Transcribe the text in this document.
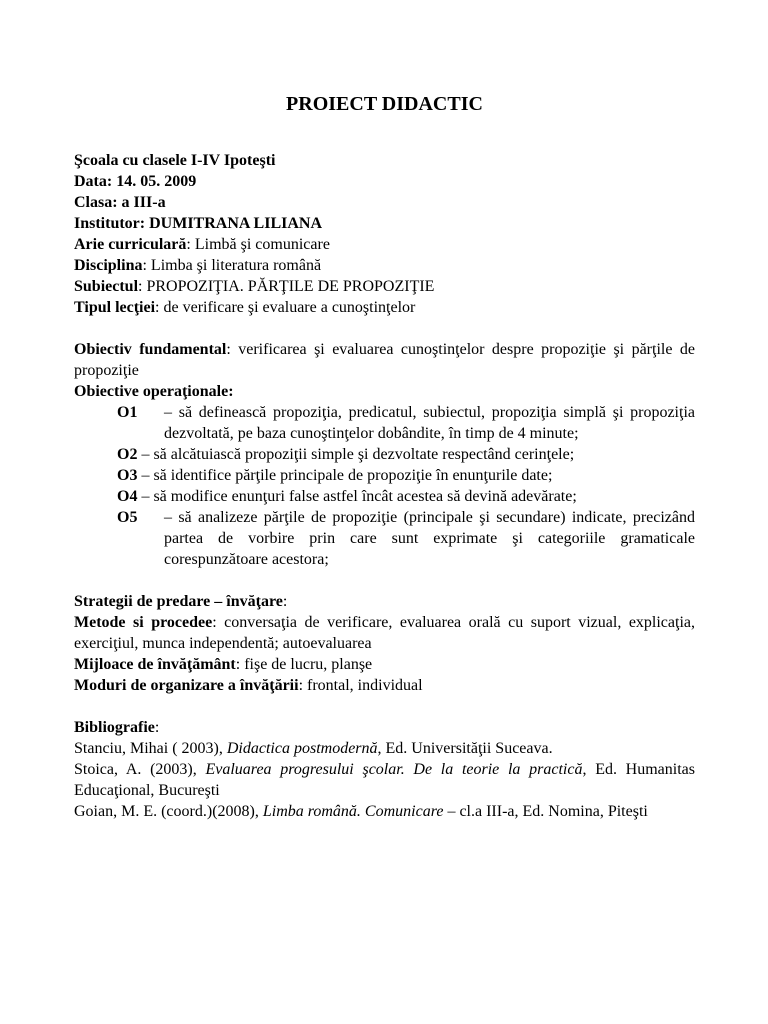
PROIECT DIDACTIC

Şcoala cu clasele I-IV Ipoteşti

Data: 14. 05. 2009

Clasa: a III-a

Institutor: DUMITRANA LILIANA

Arie curriculară: Limbă şi comunicare

Disciplina: Limba şi literatura română

Subiectul: PROPOZIŢIA. PĂRŢILE DE PROPOZIŢIE

Tipul lecţiei: de verificare şi evaluare a cunoştinţelor

Obiectiv fundamental: verificarea şi evaluarea cunoştinţelor despre propoziţie şi părţile de propoziţie

Obiective operaţionale:

O1	– să definească propoziţia, predicatul, subiectul, propoziţia simplă şi propoziţia dezvoltată, pe baza cunoştinţelor dobândite, în timp de 4 minute;

O2 – să alcătuiască propoziţii simple şi dezvoltate respectând cerinţele;

O3 – să identifice părţile principale de propoziţie în enunţurile date;

O4 – să modifice enunţuri false astfel încât acestea să devină adevărate;

O5	– să analizeze părţile de propoziţie (principale şi secundare) indicate, precizând partea de vorbire prin care sunt exprimate şi categoriile gramaticale corespunzătoare acestora;

Strategii de predare – învăţare:

Metode si procedee: conversaţia de verificare, evaluarea orală cu suport vizual, explicaţia, exerciţiul, munca independentă; autoevaluarea

Mijloace de învăţământ: fişe de lucru, planşe

Moduri de organizare a învăţării: frontal, individual

Bibliografie:

Stanciu, Mihai ( 2003), Didactica postmodernă, Ed. Universităţii Suceava.

Stoica, A. (2003), Evaluarea progresului şcolar. De la teorie la practică, Ed. Humanitas Educaţional, Bucureşti

Goian, M. E. (coord.)(2008), Limba română. Comunicare – cl.a III-a, Ed. Nomina, Piteşti
